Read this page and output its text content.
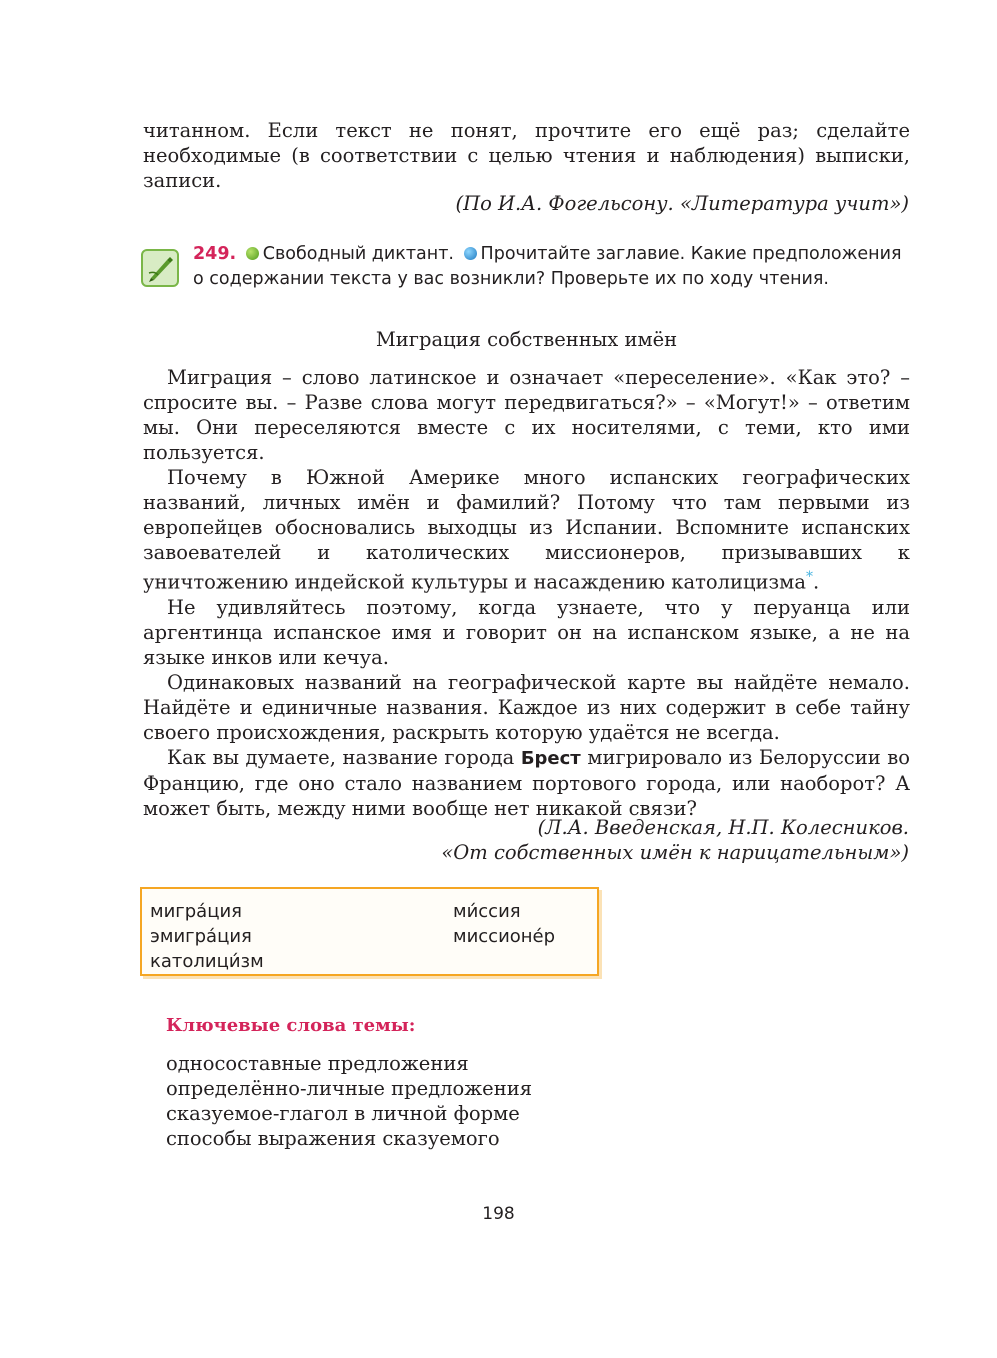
читанном. Если текст не понят, прочтите его ещё раз; сделайте необходимые (в соответствии с целью чтения и наблюдения) выписки, записи.

(По И.А. Фогельсону. «Литература учит»)
249. Свободный диктант. Прочитайте заглавие. Какие предположения о содержании текста у вас возникли? Проверьте их по ходу чтения.
Миграция собственных имён

Миграция – слово латинское и означает «переселение». «Как это? – спросите вы. – Разве слова могут передвигаться?» – «Могут!» – ответим мы. Они переселяются вместе с их носителями, с теми, кто ими пользуется.

Почему в Южной Америке много испанских географических названий, личных имён и фамилий? Потому что там первыми из европейцев обосновались выходцы из Испании. Вспомните испанских завоевателей и католических миссионеров, призывавших к уничтожению индейской культуры и насаждению католицизма*.

Не удивляйтесь поэтому, когда узнаете, что у перуанца или аргентинца испанское имя и говорит он на испанском языке, а не на языке инков или кечуа.

Одинаковых названий на географической карте вы найдёте немало. Найдёте и единичные названия. Каждое из них содержит в себе тайну своего происхождения, раскрыть которую удаётся не всегда.

Как вы думаете, название города Брест мигрировало из Белоруссии во Францию, где оно стало названием портового города, или наоборот? А может быть, между ними вообще нет никакой связи?

(Л.А. Введенская, Н.П. Колесников.
«От собственных имён к нарицательным»)
мигра́ция
эмигра́ция
католици́зм
ми́ссия
миссионе́р
Ключевые слова темы:
односоставные предложения
определённо-личные предложения
сказуемое-глагол в личной форме
способы выражения сказуемого
198
